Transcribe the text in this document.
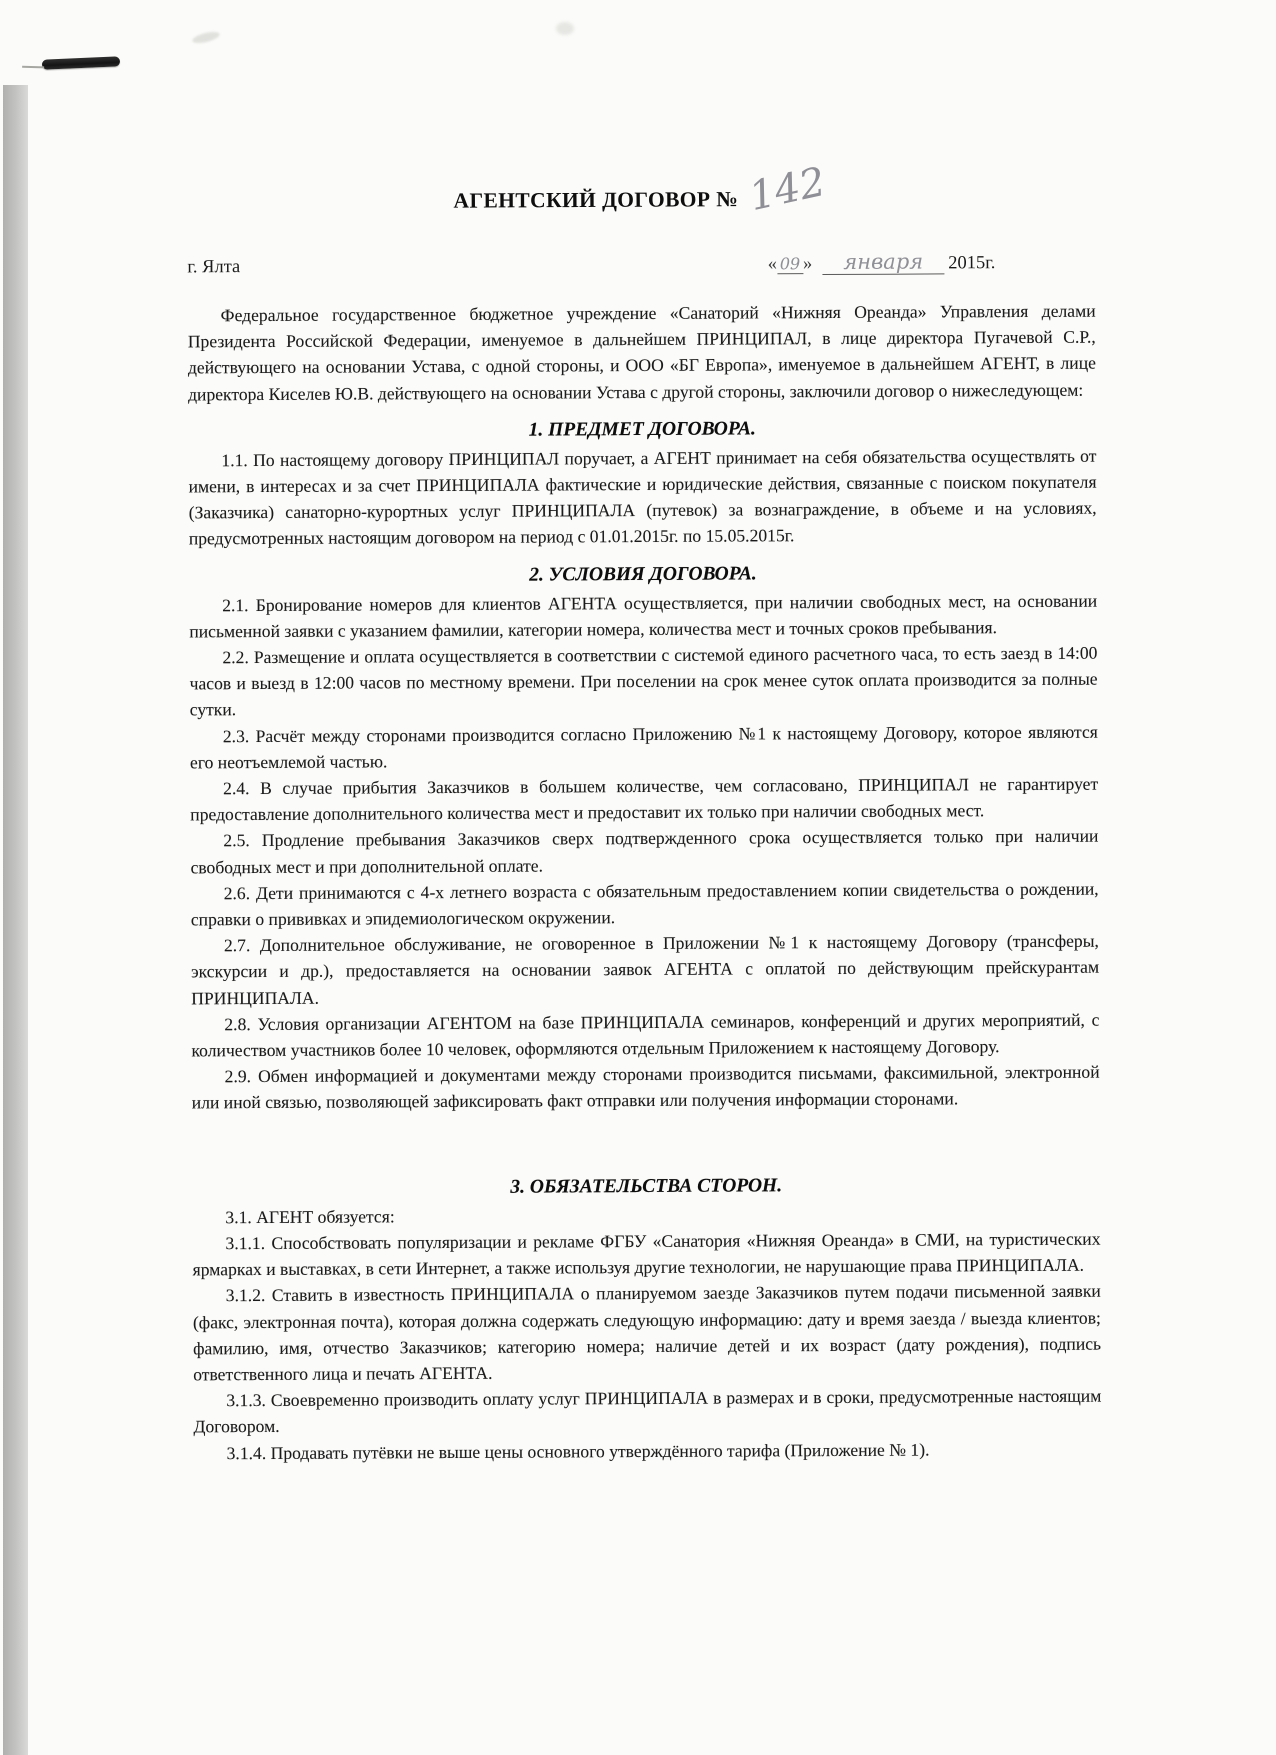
АГЕНТСКИЙ ДОГОВОР № 142
г. Ялта	« 09 » января 2015г.

Федеральное государственное бюджетное учреждение «Санаторий «Нижняя Ореанда» Управления делами Президента Российской Федерации, именуемое в дальнейшем ПРИНЦИПАЛ, в лице директора Пугачевой С.Р., действующего на основании Устава, с одной стороны, и ООО «БГ Европа», именуемое в дальнейшем АГЕНТ, в лице директора Киселев Ю.В. действующего на основании Устава с другой стороны, заключили договор о нижеследующем:

1. ПРЕДМЕТ ДОГОВОРА.

1.1. По настоящему договору ПРИНЦИПАЛ поручает, а АГЕНТ принимает на себя обязательства осуществлять от имени, в интересах и за счет ПРИНЦИПАЛА фактические и юридические действия, связанные с поиском покупателя (Заказчика) санаторно-курортных услуг ПРИНЦИПАЛА (путевок) за вознаграждение, в объеме и на условиях, предусмотренных настоящим договором на период с 01.01.2015г. по 15.05.2015г.

2. УСЛОВИЯ ДОГОВОРА.

2.1. Бронирование номеров для клиентов АГЕНТА осуществляется, при наличии свободных мест, на основании письменной заявки с указанием фамилии, категории номера, количества мест и точных сроков пребывания.

2.2. Размещение и оплата осуществляется в соответствии с системой единого расчетного часа, то есть заезд в 14:00 часов и выезд в 12:00 часов по местному времени. При поселении на срок менее суток оплата производится за полные сутки.

2.3. Расчёт между сторонами производится согласно Приложению №1 к настоящему Договору, которое являются его неотъемлемой частью.

2.4. В случае прибытия Заказчиков в большем количестве, чем согласовано, ПРИНЦИПАЛ не гарантирует предоставление дополнительного количества мест и предоставит их только при наличии свободных мест.

2.5. Продление пребывания Заказчиков сверх подтвержденного срока осуществляется только при наличии свободных мест и при дополнительной оплате.

2.6. Дети принимаются с 4-х летнего возраста с обязательным предоставлением копии свидетельства о рождении, справки о прививках и эпидемиологическом окружении.

2.7. Дополнительное обслуживание, не оговоренное в Приложении №1 к настоящему Договору (трансферы, экскурсии и др.), предоставляется на основании заявок АГЕНТА с оплатой по действующим прейскурантам ПРИНЦИПАЛА.

2.8. Условия организации АГЕНТОМ на базе ПРИНЦИПАЛА семинаров, конференций и других мероприятий, с количеством участников более 10 человек, оформляются отдельным Приложением к настоящему Договору.

2.9. Обмен информацией и документами между сторонами производится письмами, факсимильной, электронной или иной связью, позволяющей зафиксировать факт отправки или получения информации сторонами.

3. ОБЯЗАТЕЛЬСТВА СТОРОН.

3.1. АГЕНТ обязуется:

3.1.1. Способствовать популяризации и рекламе ФГБУ «Санатория «Нижняя Ореанда» в СМИ, на туристических ярмарках и выставках, в сети Интернет, а также используя другие технологии, не нарушающие права ПРИНЦИПАЛА.

3.1.2. Ставить в известность ПРИНЦИПАЛА о планируемом заезде Заказчиков путем подачи письменной заявки (факс, электронная почта), которая должна содержать следующую информацию: дату и время заезда / выезда клиентов; фамилию, имя, отчество Заказчиков; категорию номера; наличие детей и их возраст (дату рождения), подпись ответственного лица и печать АГЕНТА.

3.1.3. Своевременно производить оплату услуг ПРИНЦИПАЛА в размерах и в сроки, предусмотренные настоящим Договором.

3.1.4. Продавать путёвки не выше цены основного утверждённого тарифа (Приложение № 1).
